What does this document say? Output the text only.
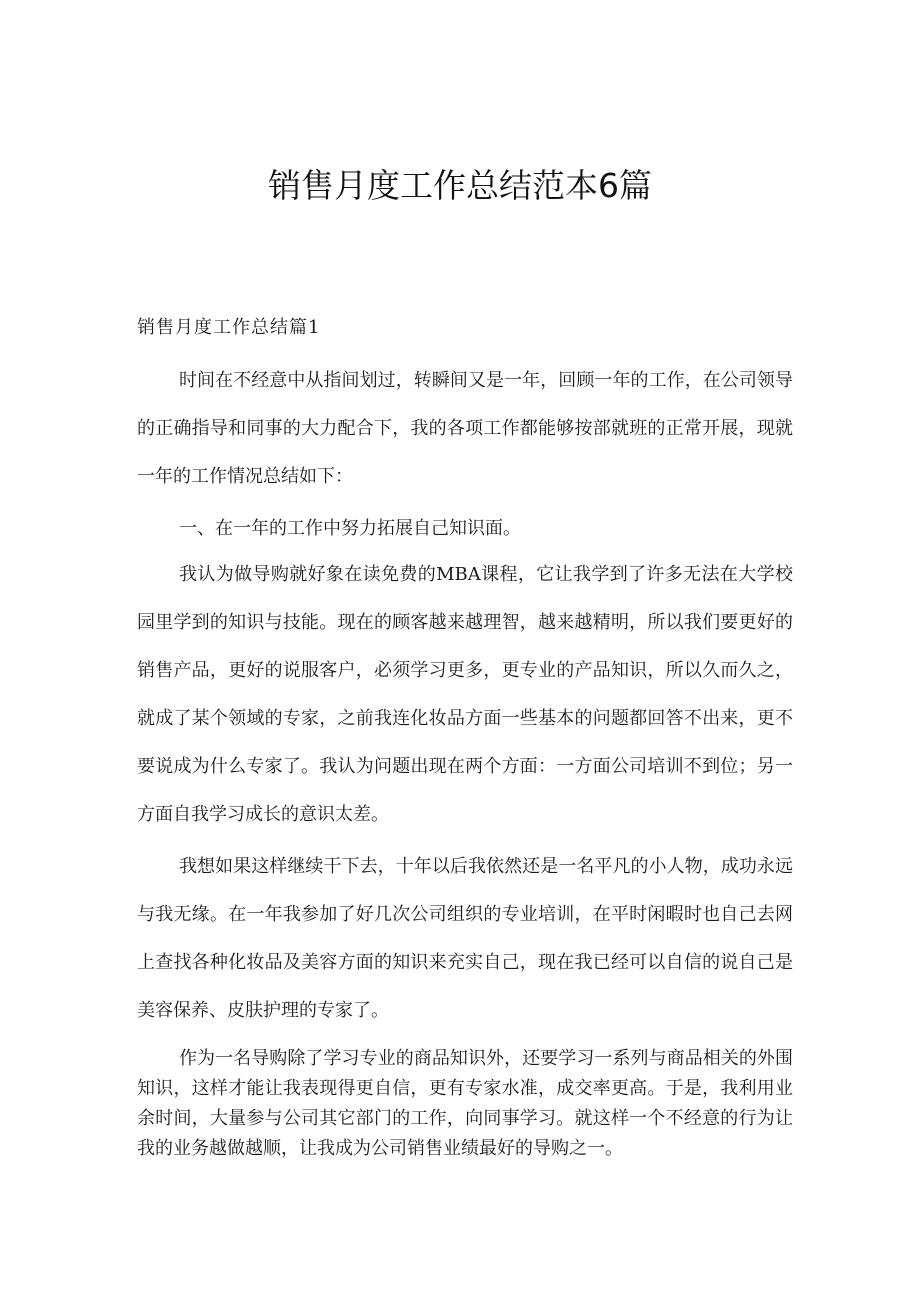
销售月度工作总结范本6篇
销售月度工作总结篇1

时间在不经意中从指间划过，转瞬间又是一年，回顾一年的工作，在公司领导的正确指导和同事的大力配合下，我的各项工作都能够按部就班的正常开展，现就一年的工作情况总结如下：

一、在一年的工作中努力拓展自己知识面。

我认为做导购就好象在读免费的MBA课程，它让我学到了许多无法在大学校园里学到的知识与技能。现在的顾客越来越理智，越来越精明，所以我们要更好的销售产品，更好的说服客户，必须学习更多，更专业的产品知识，所以久而久之，就成了某个领域的专家，之前我连化妆品方面一些基本的问题都回答不出来，更不要说成为什么专家了。我认为问题出现在两个方面：一方面公司培训不到位；另一方面自我学习成长的意识太差。

我想如果这样继续干下去，十年以后我依然还是一名平凡的小人物，成功永远与我无缘。在一年我参加了好几次公司组织的专业培训，在平时闲暇时也自己去网上查找各种化妆品及美容方面的知识来充实自己，现在我已经可以自信的说自己是美容保养、皮肤护理的专家了。

作为一名导购除了学习专业的商品知识外，还要学习一系列与商品相关的外围知识，这样才能让我表现得更自信，更有专家水准，成交率更高。于是，我利用业余时间，大量参与公司其它部门的工作，向同事学习。就这样一个不经意的行为让我的业务越做越顺，让我成为公司销售业绩最好的导购之一。
